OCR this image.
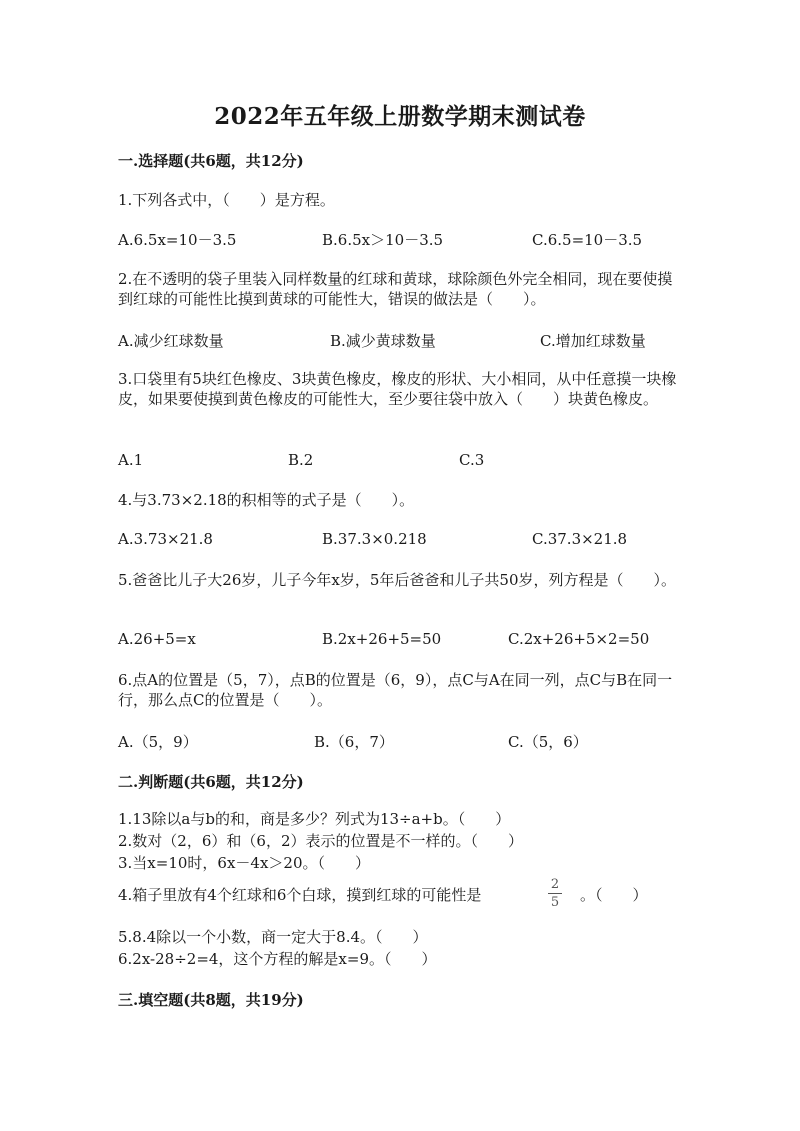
2022年五年级上册数学期末测试卷
一.选择题(共6题，共12分)
1.下列各式中，（　　）是方程。
A.6.5x=10－3.5	B.6.5x＞10－3.5	C.6.5=10－3.5
2.在不透明的袋子里装入同样数量的红球和黄球，球除颜色外完全相同，现在要使摸到红球的可能性比摸到黄球的可能性大，错误的做法是（　　）。
A.减少红球数量	B.减少黄球数量	C.增加红球数量
3.口袋里有5块红色橡皮、3块黄色橡皮，橡皮的形状、大小相同，从中任意摸一块橡皮，如果要使摸到黄色橡皮的可能性大，至少要往袋中放入（　　）块黄色橡皮。
A.1	B.2	C.3
4.与3.73×2.18的积相等的式子是（　　）。
A.3.73×21.8	B.37.3×0.218	C.37.3×21.8
5.爸爸比儿子大26岁，儿子今年x岁，5年后爸爸和儿子共50岁，列方程是（　　）。
A.26+5=x	B.2x+26+5=50	C.2x+26+5×2=50
6.点A的位置是（5，7），点B的位置是（6，9），点C与A在同一列，点C与B在同一行，那么点C的位置是（　　）。
A.（5，9）	B.（6，7）	C.（5，6）
二.判断题(共6题，共12分)
1.13除以a与b的和，商是多少？列式为13÷a+b。（　　）
2.数对（2，6）和（6，2）表示的位置是不一样的。（　　）
3.当x=10时，6x－4x＞20。（　　）
4.箱子里放有4个红球和6个白球，摸到红球的可能性是
2
5 。（　　）
5.8.4除以一个小数，商一定大于8.4。（　　）
6.2x-28÷2=4，这个方程的解是x=9。（　　）
三.填空题(共8题，共19分)
